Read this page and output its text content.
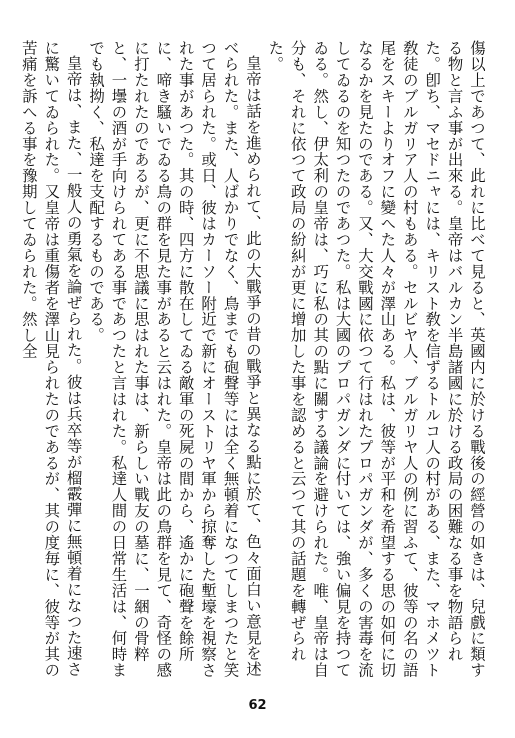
傷以上であつて、此れに比べて見ると、英國内に於ける戰後の經營の如きは、兒戲に類する物と言ふ事が出來る。皇帝はバルカン半島諸國に於ける政局の困難なる事を物語られた。卽ち、マセドニャには、キリスト敎を信ずるトルコ人の村がある、また、マホメツト敎徒のブルガリア人の村もある。セルビヤ人、ブルガリヤ人の例に習ふて、彼等の名の語尾をスキーよりオフに變へた人々が澤山ある。私は、彼等が平和を希望する思の如何に切なるかを見たのである。又、大交戰國に依つて行はれたプロパガンダが、多くの害毒を流してゐるのを知つたのであつた。私は大國のプロパガンダに付いては、強い偏見を持つてゐる。然し、伊太利の皇帝は、巧に私の其の點に關する議論を避けられた。唯、皇帝は自分も、それに依つて政局の紛糾が更に增加した事を認めると云つて其の話題を轉ぜられた。

皇帝は話を進められて、此の大戰爭の昔の戰爭と異なる點に於て、色々面白い意見を述べられた。また、人ばかりでなく、鳥までも砲聲等には全く無頓着になつてしまつたと笑つて居られた。或日、彼はカーソー附近で新にオーストリヤ軍から掠奪した塹壕を視察された事があつた。其の時、四方に散在してゐる敵軍の死屍の間から、遙かに砲聲を餘所に、啼き騷いでゐる鳥の群を見た事があると云はれた。皇帝は此の鳥群を見て、奇怪の感に打たれたのであるが、更に不思議に思はれた事は、新らしい戰友の墓に、一綑の骨粹と、一壜の酒が手向けられてある事であつたと言はれた。私達人間の日常生活は、何時までも執拗く、私達を支配するものである。

皇帝は、また、一般人の勇氣を論ぜられた。彼は兵卒等が榴霰彈に無頓着になつた速さに驚いてゐられた。又皇帝は重傷者を澤山見られたのであるが、其の度毎に、彼等が其の苦痛を訴へる事を豫期してゐられた。然し全

62
